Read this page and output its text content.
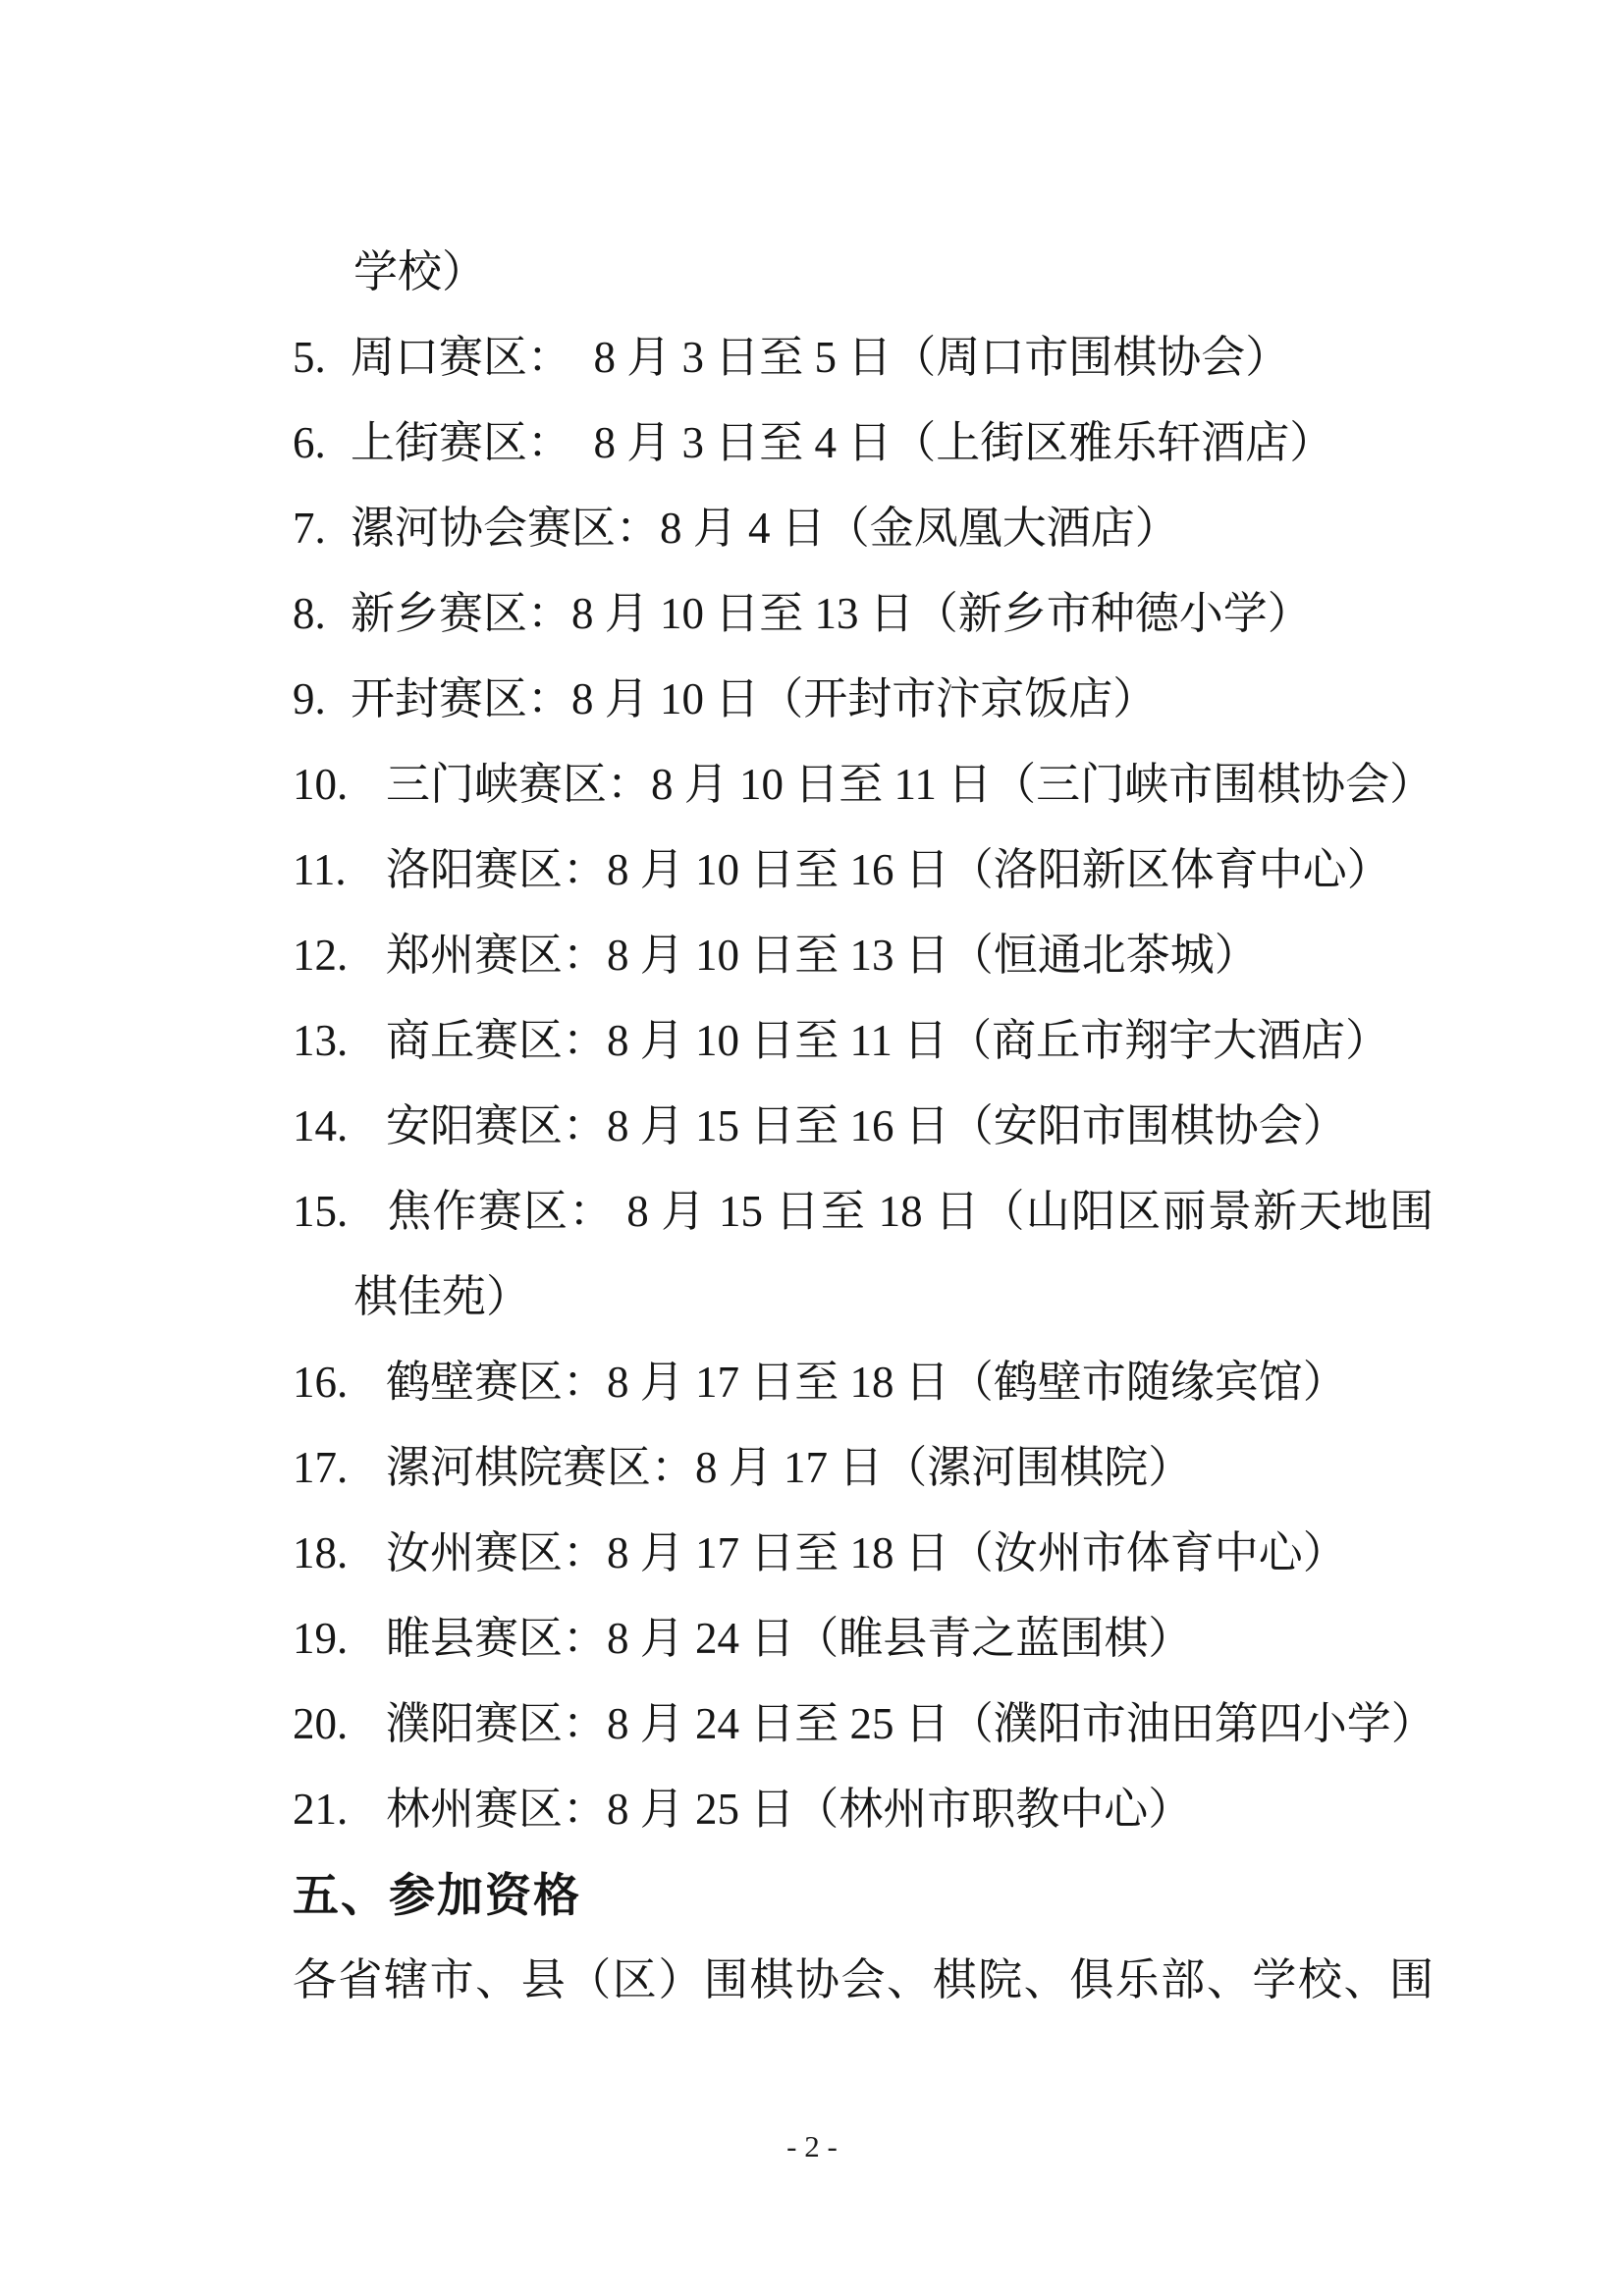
学校）
5. 周口赛区：  8 月 3 日至 5 日（周口市围棋协会）
6. 上街赛区：  8 月 3 日至 4 日（上街区雅乐轩酒店）
7. 漯河协会赛区：8 月 4 日（金凤凰大酒店）
8. 新乡赛区：8 月 10 日至 13 日（新乡市种德小学）
9. 开封赛区：8 月 10 日（开封市汴京饭店）
10. 三门峡赛区：8 月 10 日至 11 日（三门峡市围棋协会）
11. 洛阳赛区：8 月 10 日至 16 日（洛阳新区体育中心）
12. 郑州赛区：8 月 10 日至 13 日（恒通北茶城）
13. 商丘赛区：8 月 10 日至 11 日（商丘市翔宇大酒店）
14. 安阳赛区：8 月 15 日至 16 日（安阳市围棋协会）
15. 焦作赛区： 8 月 15 日至 18 日（山阳区丽景新天地围
棋佳苑）
16. 鹤壁赛区：8 月 17 日至 18 日（鹤壁市随缘宾馆）
17. 漯河棋院赛区：8 月 17 日（漯河围棋院）
18. 汝州赛区：8 月 17 日至 18 日（汝州市体育中心）
19. 睢县赛区：8 月 24 日（睢县青之蓝围棋）
20. 濮阳赛区：8 月 24 日至 25 日（濮阳市油田第四小学）
21. 林州赛区：8 月 25 日（林州市职教中心）
五、参加资格
各省辖市、县（区）围棋协会、棋院、俱乐部、学校、围
- 2 -
